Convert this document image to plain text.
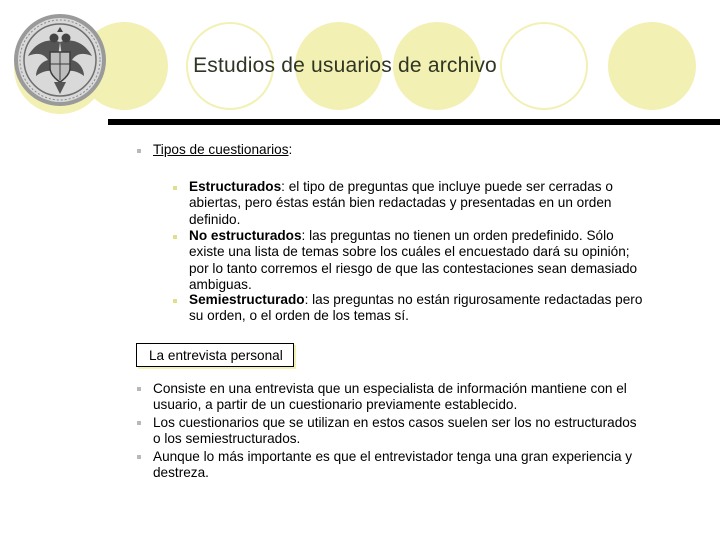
Estudios de usuarios de archivo
Tipos de cuestionarios:
Estructurados: el tipo de preguntas que incluye puede ser cerradas o
abiertas, pero éstas están bien redactadas y presentadas en un orden
definido.
No estructurados: las preguntas no tienen un orden predefinido. Sólo
existe una lista de temas sobre los cuáles el encuestado dará su opinión;
por lo tanto corremos el riesgo de que las contestaciones sean demasiado
ambiguas.
Semiestructurado: las preguntas no están rigurosamente redactadas pero
su orden, o el orden de los temas sí.
La entrevista personal
Consiste en una entrevista que un especialista de información mantiene con el
usuario, a partir de un cuestionario previamente establecido.
Los cuestionarios que se utilizan en estos casos suelen ser los no estructurados
o los semiestructurados.
Aunque lo más importante es que el entrevistador tenga una gran experiencia y
destreza.
